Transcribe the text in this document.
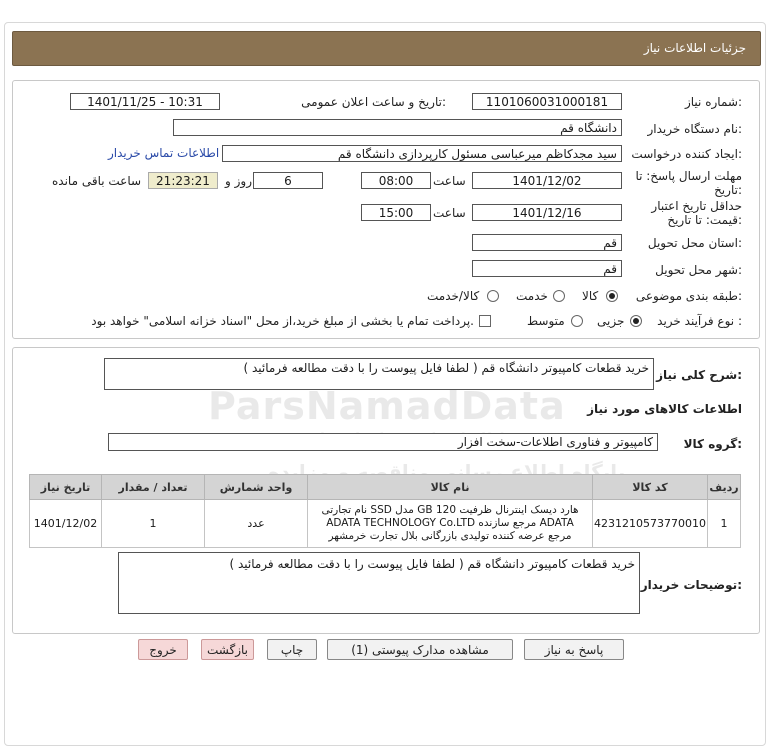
جزئیات اطلاعات نیاز
شماره نیاز:
1101060031000181
تاریخ و ساعت اعلان عمومی:
1401/11/25 - 10:31
نام دستگاه خریدار:
دانشگاه قم
ایجاد کننده درخواست:
سید مجدکاظم میرعباسی مسئول کارپردازی دانشگاه قم
اطلاعات تماس خریدار
مهلت ارسال پاسخ: تا تاریخ:
1401/12/02
ساعت
08:00
6
روز و
21:23:21
ساعت باقی مانده
حداقل تاریخ اعتبار قیمت: تا تاریخ:
1401/12/16
ساعت
15:00
استان محل تحویل:
قم
شهر محل تحویل:
قم
طبقه بندی موضوعی:
کالا
خدمت
کالا/خدمت
نوع فرآیند خرید :
جزیی
متوسط
پرداخت تمام یا بخشی از مبلغ خرید،از محل "اسناد خزانه اسلامی" خواهد بود.
شرح کلی نیاز:
خرید قطعات کامپیوتر دانشگاه قم ( لطفا فایل پیوست را با دقت مطالعه فرمائید )
اطلاعات کالاهای مورد نیاز
گروه کالا:
کامپیوتر و فناوری اطلاعات-سخت افزار
ردیف	کد کالا	نام کالا	واحد شمارش	تعداد / مقدار	تاریخ نیاز
1	4231210573770010	هارد دیسک اینترنال ظرفیت GB 120 مدل SSD نام تجارتی ADATA مرجع سازنده ADATA TECHNOLOGY Co.LTD مرجع عرضه کننده تولیدی بازرگانی بلال تجارت خرمشهر	عدد	1	1401/12/02
توضیحات خریدار:
خرید قطعات کامپیوتر دانشگاه قم ( لطفا فایل پیوست را با دقت مطالعه فرمائید )
پاسخ به نیاز
مشاهده مدارک پیوستی (1)
چاپ
بازگشت
خروج
